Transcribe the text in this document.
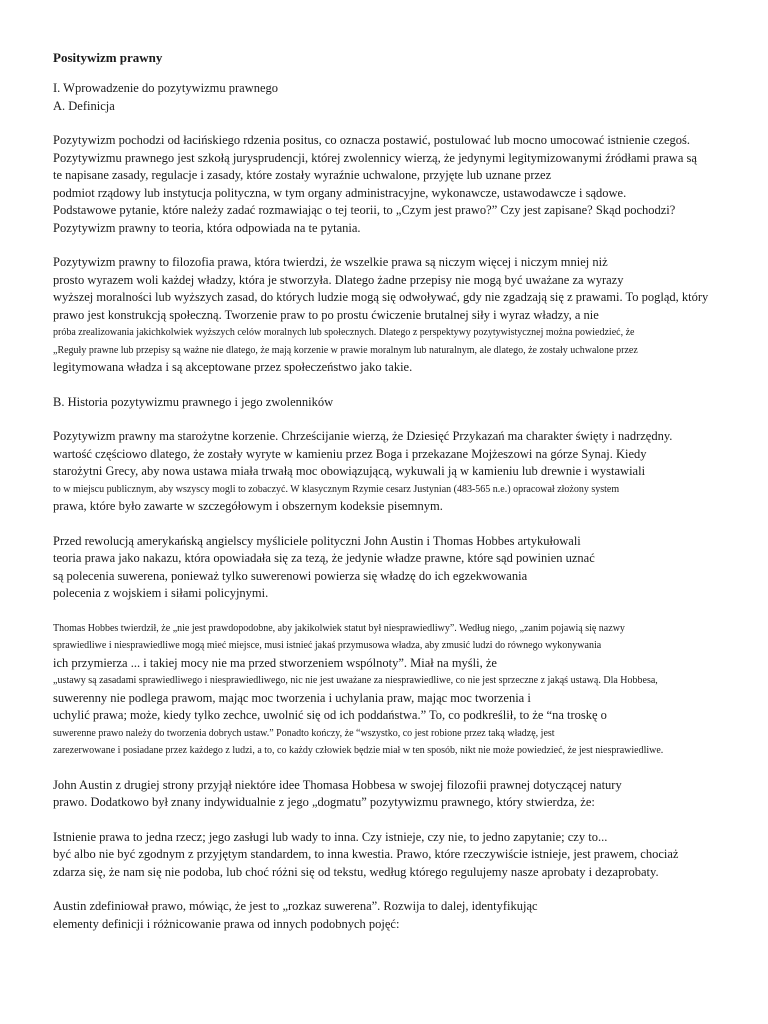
Positywizm prawny
I. Wprowadzenie do pozytywizmu prawnego
A. Definicja
Pozytywizm pochodzi od łacińskiego rdzenia positus, co oznacza postawić, postulować lub mocno umocować istnienie czegoś.
Pozytywizmu prawnego jest szkołą jurysprudencji, której zwolennicy wierzą, że jedynymi legitymizowanymi źródłami prawa są
te napisane zasady, regulacje i zasady, które zostały wyraźnie uchwalone, przyjęte lub uznane przez
podmiot rządowy lub instytucja polityczna, w tym organy administracyjne, wykonawcze, ustawodawcze i sądowe.
Podstawowe pytanie, które należy zadać rozmawiając o tej teorii, to „Czym jest prawo?” Czy jest zapisane? Skąd pochodzi?
Pozytywizm prawny to teoria, która odpowiada na te pytania.
Pozytywizm prawny to filozofia prawa, która twierdzi, że wszelkie prawa są niczym więcej i niczym mniej niż
prosto wyrazem woli każdej władzy, która je stworzyła. Dlatego żadne przepisy nie mogą być uważane za wyrazy
wyższej moralności lub wyższych zasad, do których ludzie mogą się odwoływać, gdy nie zgadzają się z prawami. To pogląd, który
prawo jest konstrukcją społeczną. Tworzenie praw to po prostu ćwiczenie brutalnej siły i wyraz władzy, a nie
próba zrealizowania jakichkolwiek wyższych celów moralnych lub społecznych. Dlatego z perspektywy pozytywistycznej można powiedzieć, że
„Reguły prawne lub przepisy są ważne nie dlatego, że mają korzenie w prawie moralnym lub naturalnym, ale dlatego, że zostały uchwalone przez
legitymowana władza i są akceptowane przez społeczeństwo jako takie.
B. Historia pozytywizmu prawnego i jego zwolenników
Pozytywizm prawny ma starożytne korzenie. Chrześcijanie wierzą, że Dziesięć Przykazań ma charakter święty i nadrzędny.
wartość częściowo dlatego, że zostały wyryte w kamieniu przez Boga i przekazane Mojżeszowi na górze Synaj. Kiedy
starożytni Grecy, aby nowa ustawa miała trwałą moc obowiązującą, wykuwali ją w kamieniu lub drewnie i wystawiali
to w miejscu publicznym, aby wszyscy mogli to zobaczyć. W klasycznym Rzymie cesarz Justynian (483-565 n.e.) opracował złożony system
prawa, które było zawarte w szczegółowym i obszernym kodeksie pisemnym.
Przed rewolucją amerykańską angielscy myśliciele polityczni John Austin i Thomas Hobbes artykułowali
teoria prawa jako nakazu, która opowiadała się za tezą, że jedynie władze prawne, które sąd powinien uznać
są polecenia suwerena, ponieważ tylko suwerenowi powierza się władzę do ich egzekwowania
polecenia z wojskiem i siłami policyjnymi.
Thomas Hobbes twierdził, że „nie jest prawdopodobne, aby jakikolwiek statut był niesprawiedliwy”. Według niego, „zanim pojawią się nazwy
sprawiedliwe i niesprawiedliwe mogą mieć miejsce, musi istnieć jakaś przymusowa władza, aby zmusić ludzi do równego wykonywania
ich przymierza ... i takiej mocy nie ma przed stworzeniem wspólnoty”. Miał na myśli, że
„ustawy są zasadami sprawiedliwego i niesprawiedliwego, nic nie jest uważane za niesprawiedliwe, co nie jest sprzeczne z jakąś ustawą. Dla Hobbesa,
suwerenny nie podlega prawom, mając moc tworzenia i uchylania praw, mając moc tworzenia i
uchylić prawa; może, kiedy tylko zechce, uwolnić się od ich poddaństwa.” To, co podkreślił, to że “na troskę o
suwerenne prawo należy do tworzenia dobrych ustaw.” Ponadto kończy, że “wszystko, co jest robione przez taką władzę, jest
zarezerwowane i posiadane przez każdego z ludzi, a to, co każdy człowiek będzie miał w ten sposób, nikt nie może powiedzieć, że jest niesprawiedliwe.
John Austin z drugiej strony przyjął niektóre idee Thomasa Hobbesa w swojej filozofii prawnej dotyczącej natury
prawo. Dodatkowo był znany indywidualnie z jego „dogmatu” pozytywizmu prawnego, który stwierdza, że:
Istnienie prawa to jedna rzecz; jego zasługi lub wady to inna. Czy istnieje, czy nie, to jedno zapytanie; czy to...
być albo nie być zgodnym z przyjętym standardem, to inna kwestia. Prawo, które rzeczywiście istnieje, jest prawem, chociaż
zdarza się, że nam się nie podoba, lub choć różni się od tekstu, według którego regulujemy nasze aprobaty i dezaprobaty.
Austin zdefiniował prawo, mówiąc, że jest to „rozkaz suwerena”. Rozwija to dalej, identyfikując
elementy definicji i różnicowanie prawa od innych podobnych pojęć:
